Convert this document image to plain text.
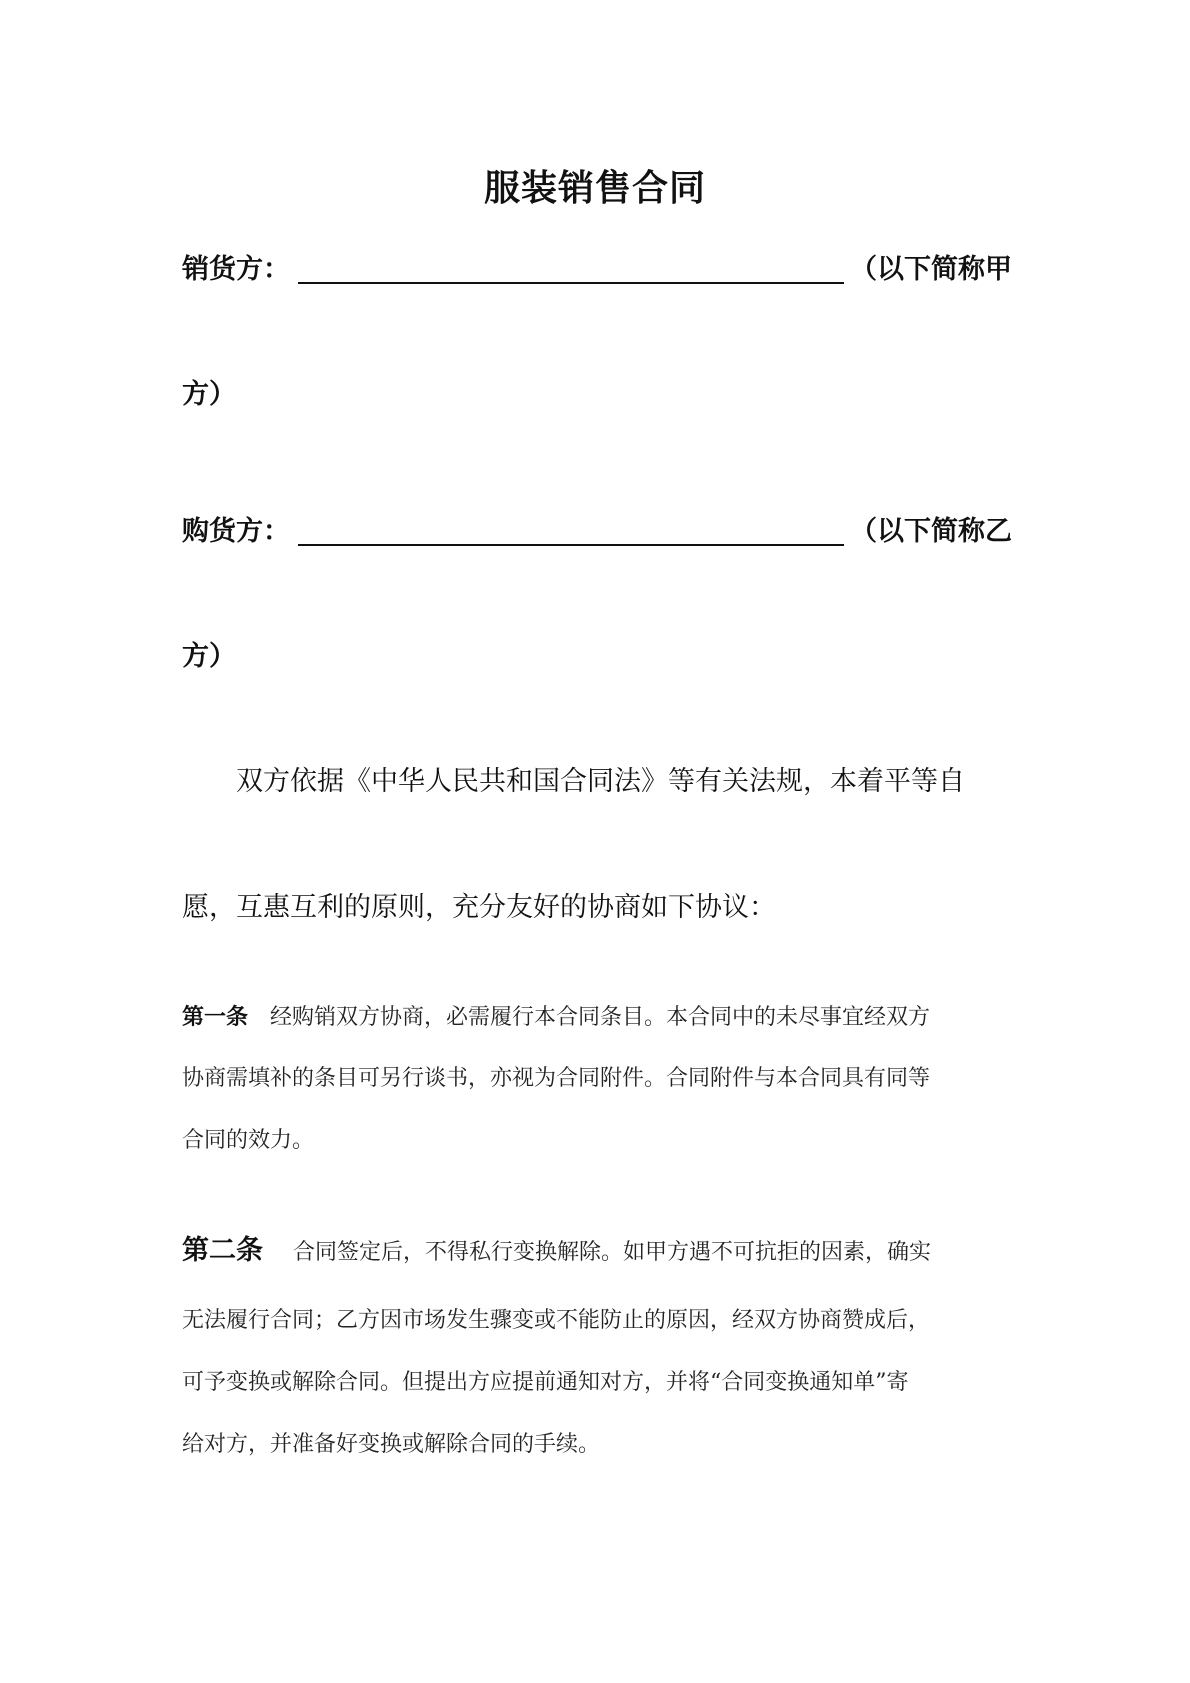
服装销售合同
销货方：	（以下简称甲
方）
购货方：	（以下简称乙
方）
双方依据《中华人民共和国合同法》等有关法规，本着平等自
愿，互惠互利的原则，充分友好的协商如下协议：
第一条 经购销双方协商，必需履行本合同条目。本合同中的未尽事宜经双方
协商需填补的条目可另行谈书，亦视为合同附件。合同附件与本合同具有同等
合同的效力。
第二条 合同签定后，不得私行变换解除。如甲方遇不可抗拒的因素，确实
无法履行合同；乙方因市场发生骤变或不能防止的原因，经双方协商赞成后，
可予变换或解除合同。但提出方应提前通知对方，并将“合同变换通知单”寄
给对方，并准备好变换或解除合同的手续。
